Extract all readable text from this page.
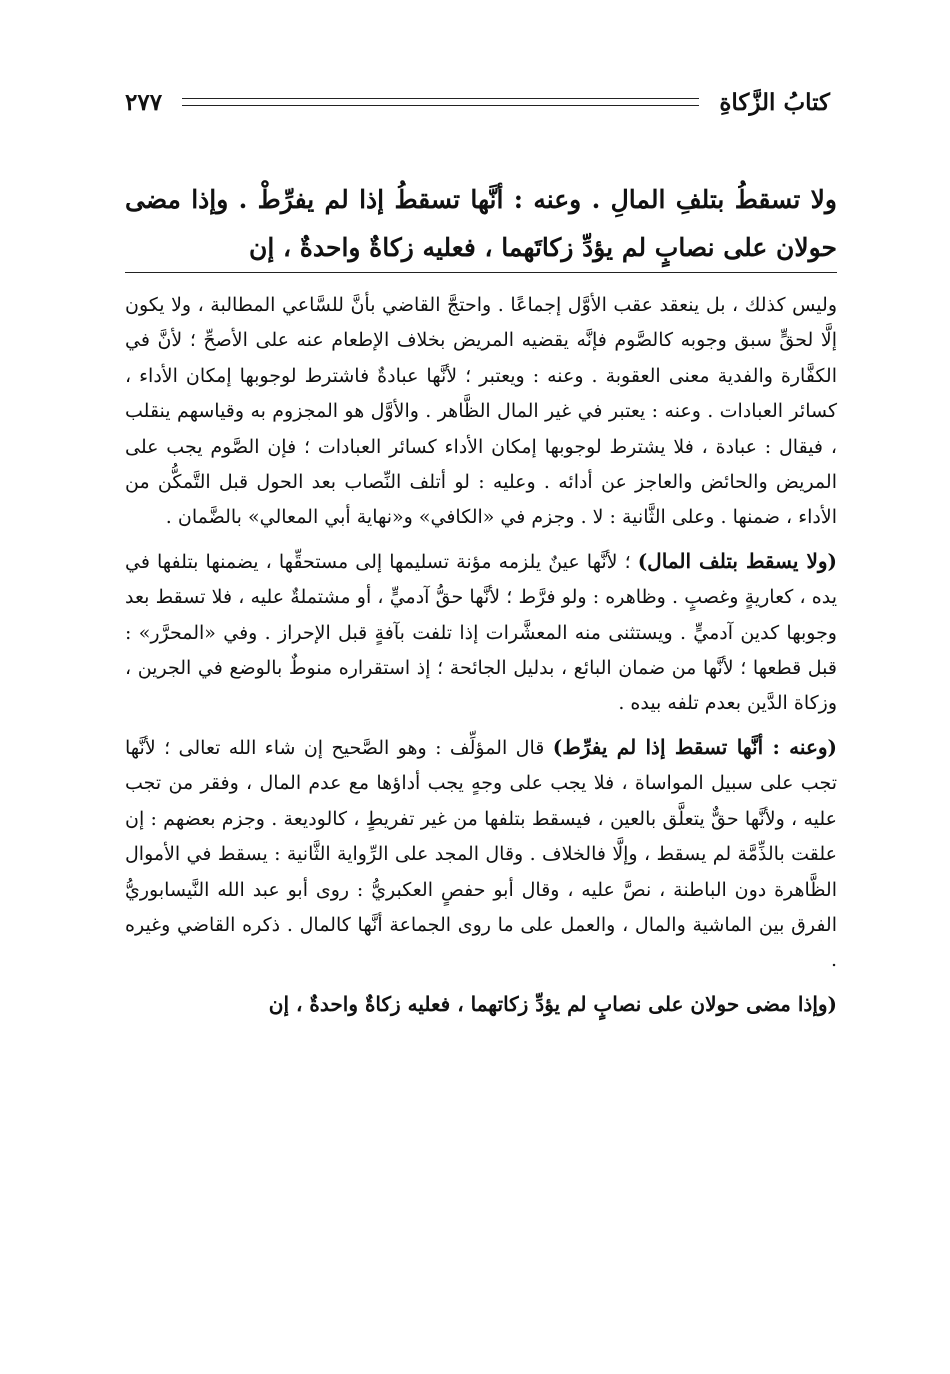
كتابُ الزَّكاةِ
٢٧٧
ولا تسقطُ بتلفِ المالِ . وعنه : أنَّها تسقطُ إذا لم يفرِّطْ . وإذا مضى حولان على نصابٍ لم يؤدِّ زكاتَهما ، فعليه زكاةٌ واحدةٌ ، إن

وليس كذلك ، بل ينعقد عقب الأوَّل إجماعًا . واحتجَّ القاضي بأنَّ للسَّاعي المطالبة ، ولا يكون إلَّا لحقٍّ سبق وجوبه كالصَّوم فإنَّه يقضيه المريض بخلاف الإطعام عنه على الأصحِّ ؛ لأنَّ في الكفَّارة والفدية معنى العقوبة . وعنه : ويعتبر ؛ لأنَّها عبادةٌ فاشترط لوجوبها إمكان الأداء ، كسائر العبادات . وعنه : يعتبر في غير المال الظَّاهر . والأوَّل هو المجزوم به وقياسهم ينقلب ، فيقال : عبادة ، فلا يشترط لوجوبها إمكان الأداء كسائر العبادات ؛ فإن الصَّوم يجب على المريض والحائض والعاجز عن أدائه . وعليه : لو أتلف النِّصاب بعد الحول قبل التَّمكُّن من الأداء ، ضمنها . وعلى الثَّانية : لا . وجزم في «الكافي» و«نهاية أبي المعالي» بالضَّمان .

(ولا يسقط بتلف المال) ؛ لأنَّها عينٌ يلزمه مؤنة تسليمها إلى مستحقِّها ، يضمنها بتلفها في يده ، كعاريةٍ وغصبٍ . وظاهره : ولو فرَّط ؛ لأنَّها حقُّ آدميٍّ ، أو مشتملةٌ عليه ، فلا تسقط بعد وجوبها كدين آدميٍّ . ويستثنى منه المعشَّرات إذا تلفت بآفةٍ قبل الإحراز . وفي «المحرَّر» : قبل قطعها ؛ لأنَّها من ضمان البائع ، بدليل الجائحة ؛ إذ استقراره منوطٌ بالوضع في الجرين ، وزكاة الدَّين بعدم تلفه بيده .

(وعنه : أنَّها تسقط إذا لم يفرِّط) قال المؤلِّف : وهو الصَّحيح إن شاء الله تعالى ؛ لأنَّها تجب على سبيل المواساة ، فلا يجب على وجهٍ يجب أداؤها مع عدم المال ، وفقر من تجب عليه ، ولأنَّها حقٌّ يتعلَّق بالعين ، فيسقط بتلفها من غير تفريطٍ ، كالوديعة . وجزم بعضهم : إن علقت بالذِّمَّة لم يسقط ، وإلَّا فالخلاف . وقال المجد على الرِّواية الثَّانية : يسقط في الأموال الظَّاهرة دون الباطنة ، نصَّ عليه ، وقال أبو حفصٍ العكبريُّ : روى أبو عبد الله النَّيسابوريُّ الفرق بين الماشية والمال ، والعمل على ما روى الجماعة أنَّها كالمال . ذكره القاضي وغيره .

(وإذا مضى حولان على نصابٍ لم يؤدِّ زكاتهما ، فعليه زكاةٌ واحدةٌ ، إن
